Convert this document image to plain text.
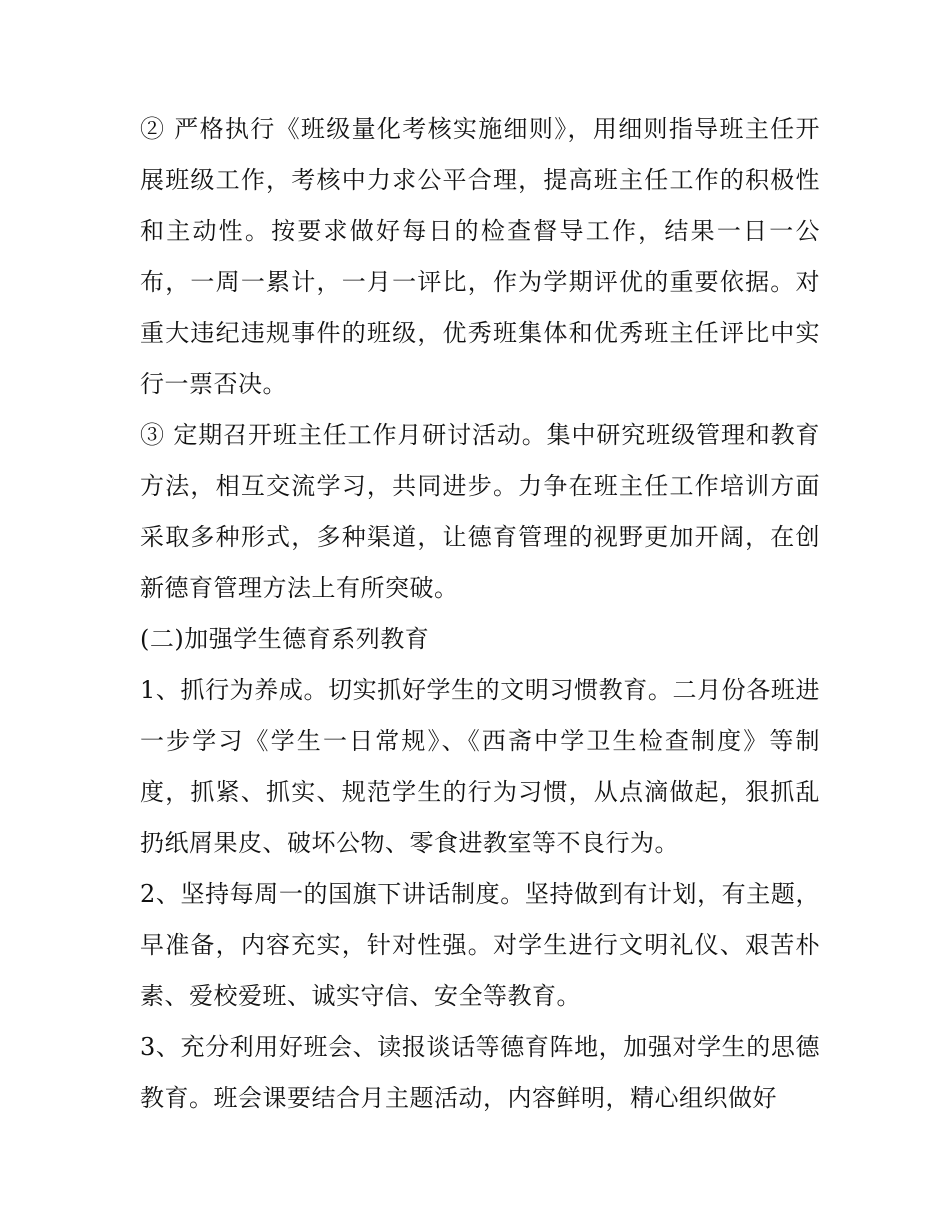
② 严格执行《班级量化考核实施细则》，用细则指导班主任开展班级工作，考核中力求公平合理，提高班主任工作的积极性和主动性。按要求做好每日的检查督导工作，结果一日一公布，一周一累计，一月一评比，作为学期评优的重要依据。对重大违纪违规事件的班级，优秀班集体和优秀班主任评比中实行一票否决。

③ 定期召开班主任工作月研讨活动。集中研究班级管理和教育方法，相互交流学习，共同进步。力争在班主任工作培训方面采取多种形式，多种渠道，让德育管理的视野更加开阔，在创新德育管理方法上有所突破。

(二)加强学生德育系列教育

1、抓行为养成。切实抓好学生的文明习惯教育。二月份各班进一步学习《学生一日常规》、《西斋中学卫生检查制度》等制度，抓紧、抓实、规范学生的行为习惯，从点滴做起，狠抓乱扔纸屑果皮、破坏公物、零食进教室等不良行为。

2、坚持每周一的国旗下讲话制度。坚持做到有计划，有主题，早准备，内容充实，针对性强。对学生进行文明礼仪、艰苦朴素、爱校爱班、诚实守信、安全等教育。

3、充分利用好班会、读报谈话等德育阵地，加强对学生的思德教育。班会课要结合月主题活动，内容鲜明，精心组织做好
